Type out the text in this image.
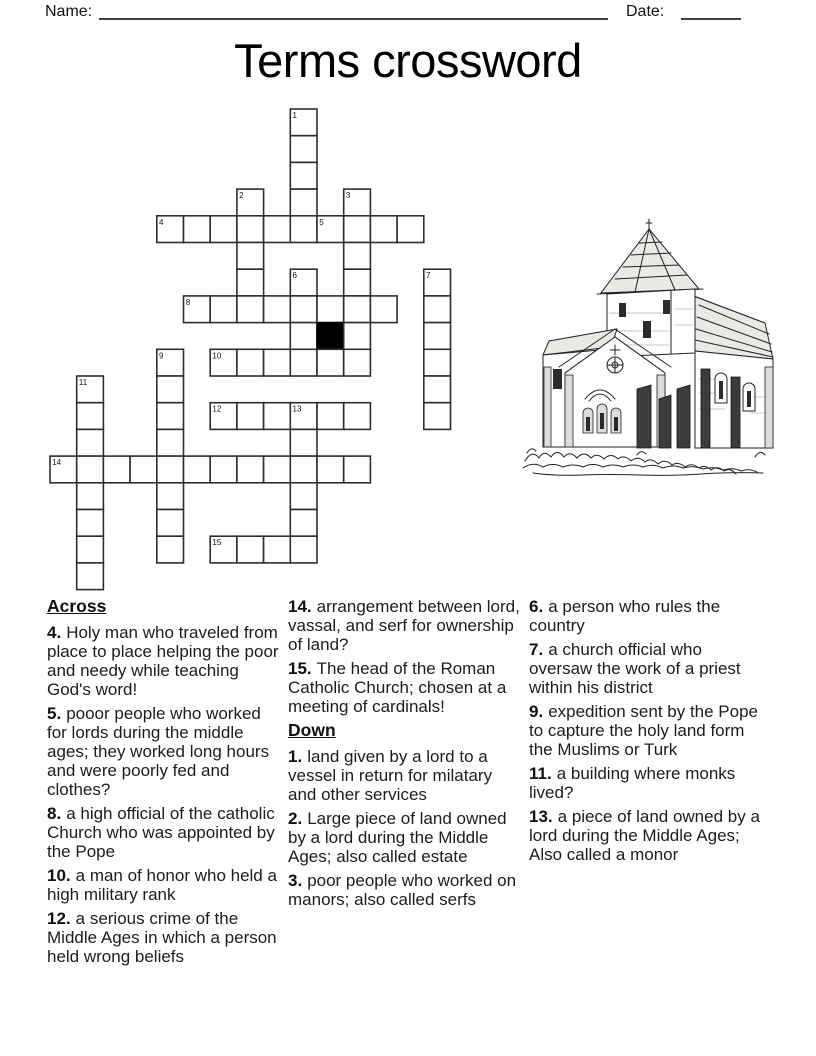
Name:	Date:
Terms crossword
1
2	3
4	5
6	7
8
9	10
11
12	13
14
15

Across

4. Holy man who traveled from place to place helping the poor and needy while teaching God's word!

5. pooor people who worked for lords during the middle ages; they worked long hours and were poorly fed and clothes?

8. a high official of the catholic Church who was appointed by the Pope

10. a man of honor who held a high military rank

12. a serious crime of the Middle Ages in which a person held wrong beliefs

14. arrangement between lord, vassal, and serf for ownership of land?

15. The head of the Roman Catholic Church; chosen at a meeting of cardinals!

Down

1. land given by a lord to a vessel in return for milatary and other services

2. Large piece of land owned by a lord during the Middle Ages; also called estate

3. poor people who worked on manors; also called serfs

6. a person who rules the country

7. a church official who oversaw the work of a priest within his district

9. expedition sent by the Pope to capture the holy land form the Muslims or Turk

11. a building where monks lived?

13. a piece of land owned by a lord during the Middle Ages; Also called a monor
